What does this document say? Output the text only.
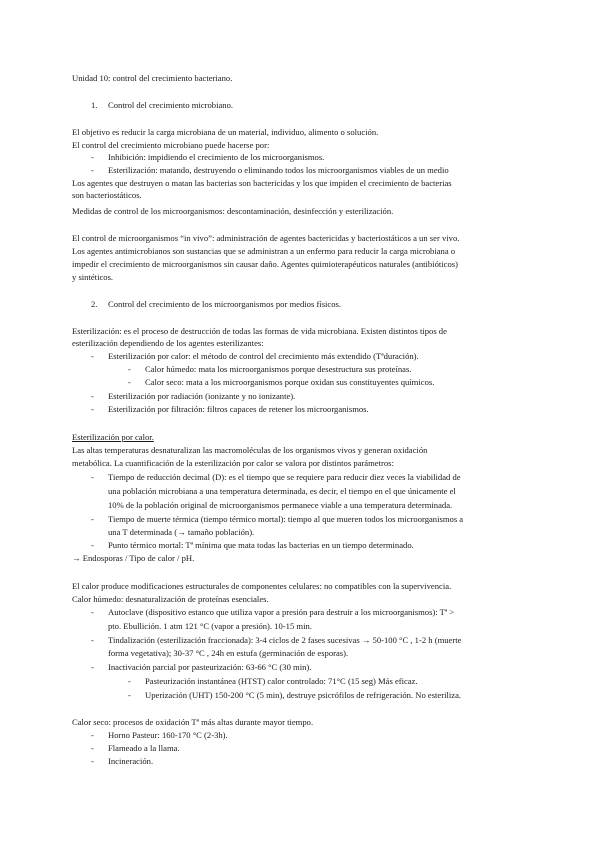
Unidad 10: control del crecimiento bacteriano.
1. Control del crecimiento microbiano.
El objetivo es reducir la carga microbiana de un material, individuo, alimento o solución.
El control del crecimiento microbiano puede hacerse por:
- Inhibición: impidiendo el crecimiento de los microorganismos.
- Esterilización: matando, destruyendo o eliminando todos los microorganismos viables de un medio
Los agentes que destruyen o matan las bacterias son bactericidas y los que impiden el crecimiento de bacterias
son bacteriostáticos.
Medidas de control de los microorganismos: descontaminación, desinfección y esterilización.
El control de microorganismos “in vivo”: administración de agentes bactericidas y bacteriostáticos a un ser vivo.
Los agentes antimicrobianos son sustancias que se administran a un enfermo para reducir la carga microbiana o
impedir el crecimiento de microorganismos sin causar daño. Agentes quimioterapéuticos naturales (antibióticos)
y sintéticos.
2. Control del crecimiento de los microorganismos por medios físicos.
Esterilización: es el proceso de destrucción de todas las formas de vida microbiana. Existen distintos tipos de
esterilización dependiendo de los agentes esterilizantes:
- Esterilización por calor: el método de control del crecimiento más extendido (Tªduración).
- Calor húmedo: mata los microorganismos porque desestructura sus proteínas.
- Calor seco: mata a los microorganismos porque oxidan sus constituyentes químicos.
- Esterilización por radiación (ionizante y no ionizante).
- Esterilización por filtración: filtros capaces de retener los microorganismos.
Esterilización por calor.
Las altas temperaturas desnaturalizan las macromoléculas de los organismos vivos y generan oxidación
metabólica. La cuantificación de la esterilización por calor se valora por distintos parámetros:
- Tiempo de reducción decimal (D): es el tiempo que se requiere para reducir diez veces la viabilidad de
una población microbiana a una temperatura determinada, es decir, el tiempo en el que únicamente el
10% de la población original de microorganismos permanece viable a una temperatura determinada.
- Tiempo de muerte térmica (tiempo térmico mortal): tiempo al que mueren todos los microorganismos a
una T determinada (→ tamaño población).
- Punto térmico mortal: Tª mínima que mata todas las bacterias en un tiempo determinado.
→ Endosporas / Tipo de calor / pH.
El calor produce modificaciones estructurales de componentes celulares: no compatibles con la supervivencia.
Calor húmedo: desnaturalización de proteínas esenciales.
- Autoclave (dispositivo estanco que utiliza vapor a presión para destruir a los microorganismos): Tª >
pto. Ebullición. 1 atm 121 °C (vapor a presión). 10-15 min.
- Tindalización (esterilización fraccionada): 3-4 ciclos de 2 fases sucesivas → 50-100 °C , 1-2 h (muerte
forma vegetativa); 30-37 °C , 24h en estufa (germinación de esporas).
- Inactivación parcial por pasteurización: 63-66 °C (30 min).
- Pasteurización instantánea (HTST) calor controlado: 71°C (15 seg) Más eficaz.
- Uperización (UHT) 150-200 °C (5 min), destruye psicrófilos de refrigeración. No esteriliza.
Calor seco: procesos de oxidación Tª más altas durante mayor tiempo.
- Horno Pasteur: 160-170 °C (2-3h).
- Flameado a la llama.
- Incineración.
